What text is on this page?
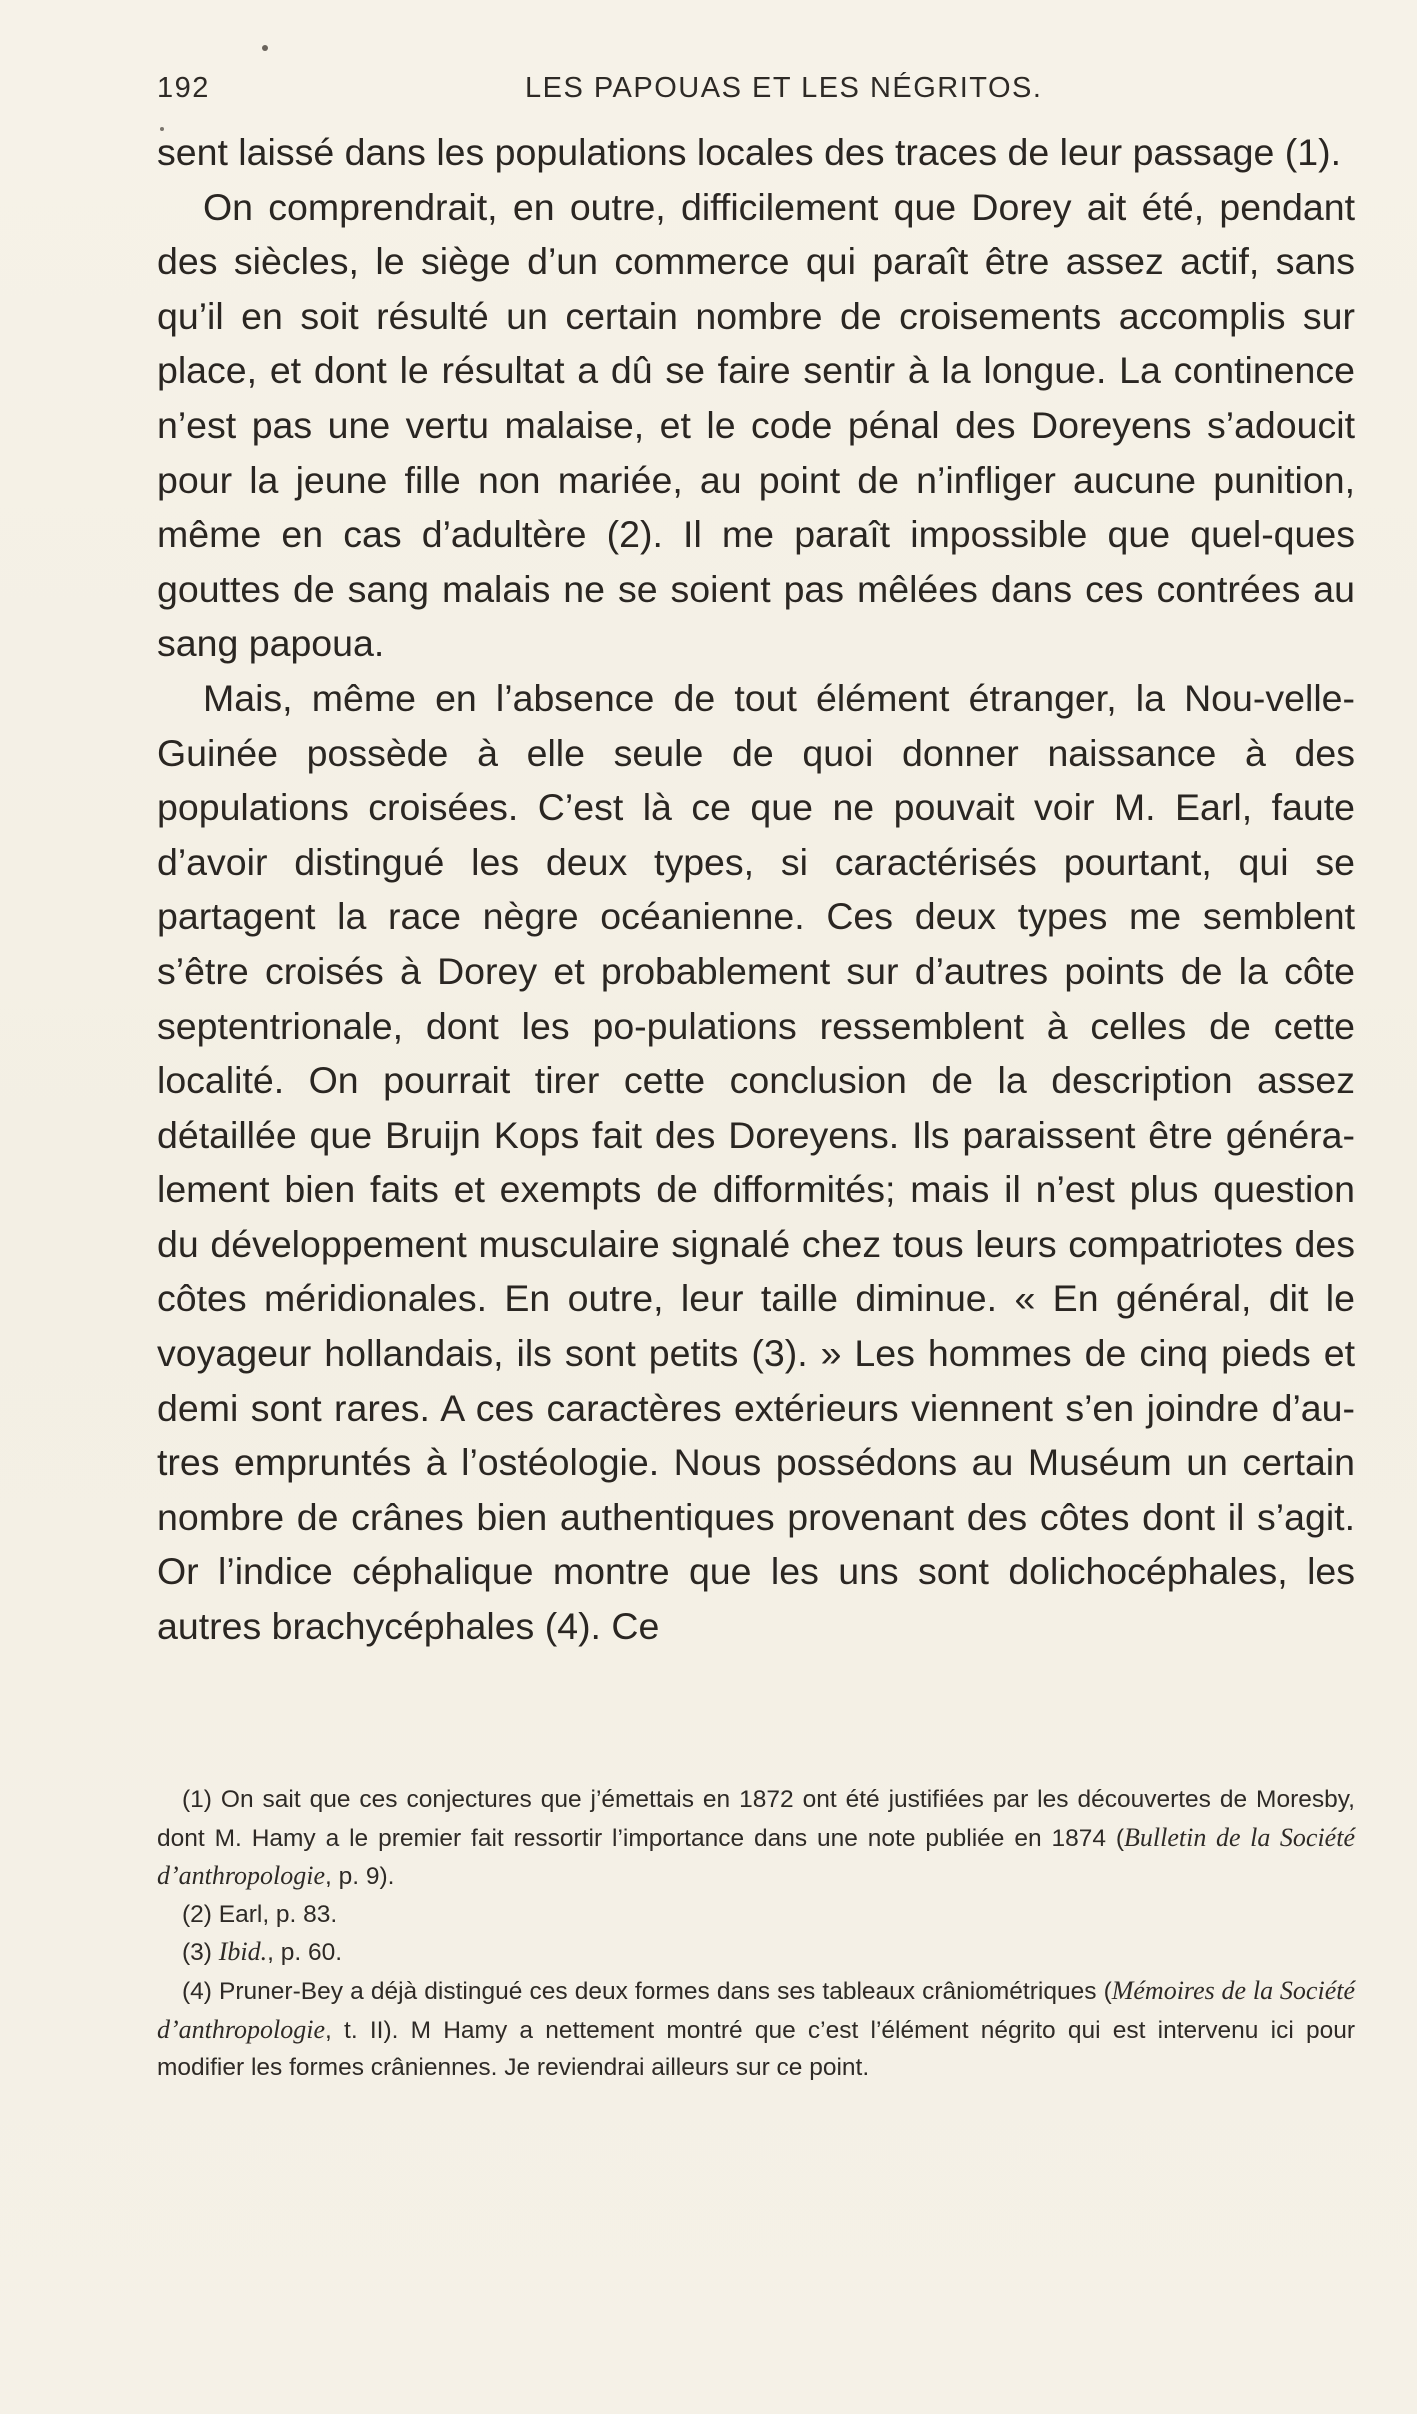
192	LES PAPOUAS ET LES NÉGRITOS.

sent laissé dans les populations locales des traces de leur passage (1).

On comprendrait, en outre, difficilement que Dorey ait été, pendant des siècles, le siège d’un commerce qui paraît être assez actif, sans qu’il en soit résulté un certain nombre de croisements accomplis sur place, et dont le résultat a dû se faire sentir à la longue. La continence n’est pas une vertu malaise, et le code pénal des Doreyens s’adoucit pour la jeune fille non mariée, au point de n’infliger aucune punition, même en cas d’adultère (2). Il me paraît impossible que quel-ques gouttes de sang malais ne se soient pas mêlées dans ces contrées au sang papoua.

Mais, même en l’absence de tout élément étranger, la Nou-velle-Guinée possède à elle seule de quoi donner naissance à des populations croisées. C’est là ce que ne pouvait voir M. Earl, faute d’avoir distingué les deux types, si caractérisés pourtant, qui se partagent la race nègre océanienne. Ces deux types me semblent s’être croisés à Dorey et probablement sur d’autres points de la côte septentrionale, dont les po-pulations ressemblent à celles de cette localité. On pourrait tirer cette conclusion de la description assez détaillée que Bruijn Kops fait des Doreyens. Ils paraissent être généra-lement bien faits et exempts de difformités; mais il n’est plus question du développement musculaire signalé chez tous leurs compatriotes des côtes méridionales. En outre, leur taille diminue. « En général, dit le voyageur hollandais, ils sont petits (3). » Les hommes de cinq pieds et demi sont rares. A ces caractères extérieurs viennent s’en joindre d’au-tres empruntés à l’ostéologie. Nous possédons au Muséum un certain nombre de crânes bien authentiques provenant des côtes dont il s’agit. Or l’indice céphalique montre que les uns sont dolichocéphales, les autres brachycéphales (4). Ce

(1) On sait que ces conjectures que j’émettais en 1872 ont été justifiées par les découvertes de Moresby, dont M. Hamy a le premier fait ressortir l’importance dans une note publiée en 1874 (Bulletin de la Société d’anthropologie, p. 9).

(2) Earl, p. 83.

(3) Ibid., p. 60.

(4) Pruner-Bey a déjà distingué ces deux formes dans ses tableaux crâniométriques (Mémoires de la Société d’anthropologie, t. II). M Hamy a nettement montré que c’est l’élément négrito qui est intervenu ici pour modifier les formes crâniennes. Je reviendrai ailleurs sur ce point.
